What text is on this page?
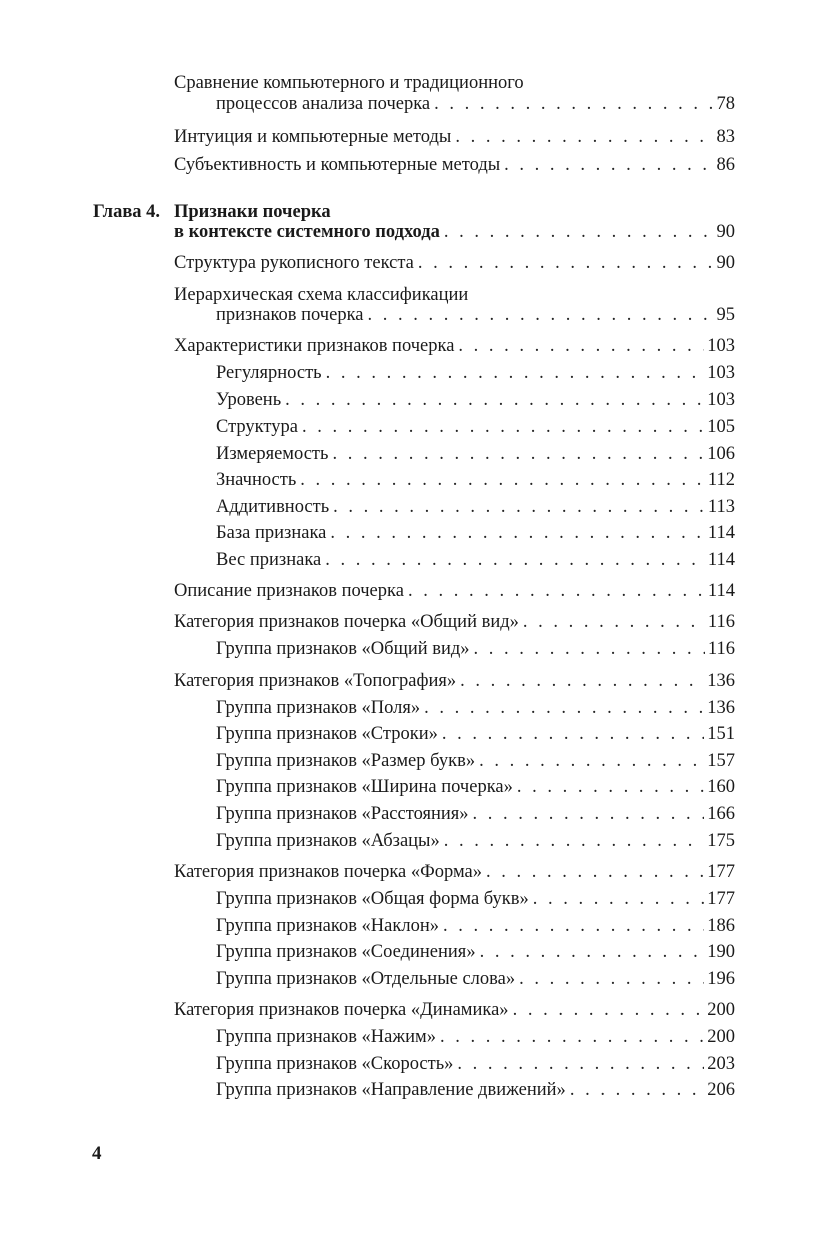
Сравнение компьютерного и традиционного
процессов анализа почерка . . .	78
Интуиция и компьютерные методы . . .	83
Субъективность и компьютерные методы . . .	86
Глава 4. Признаки почерка
в контексте системного подхода . . .	90
Структура рукописного текста . . .	90
Иерархическая схема классификации
признаков почерка . . .	95
Характеристики признаков почерка . . .	103
Регулярность . . .	103
Уровень . . .	103
Структура . . .	105
Измеряемость . . .	106
Значность . . .	112
Аддитивность . . .	113
База признака . . .	114
Вес признака . . .	114
Описание признаков почерка . . .	114
Категория признаков почерка «Общий вид» . . .	116
Группа признаков «Общий вид» . . .	116
Категория признаков «Топография» . . .	136
Группа признаков «Поля» . . .	136
Группа признаков «Строки» . . .	151
Группа признаков «Размер букв» . . .	157
Группа признаков «Ширина почерка» . . .	160
Группа признаков «Расстояния» . . .	166
Группа признаков «Абзацы» . . .	175
Категория признаков почерка «Форма» . . .	177
Группа признаков «Общая форма букв» . . .	177
Группа признаков «Наклон» . . .	186
Группа признаков «Соединения» . . .	190
Группа признаков «Отдельные слова» . . .	196
Категория признаков почерка «Динамика» . . .	200
Группа признаков «Нажим» . . .	200
Группа признаков «Скорость» . . .	203
Группа признаков «Направление движений» . . .	206
4
